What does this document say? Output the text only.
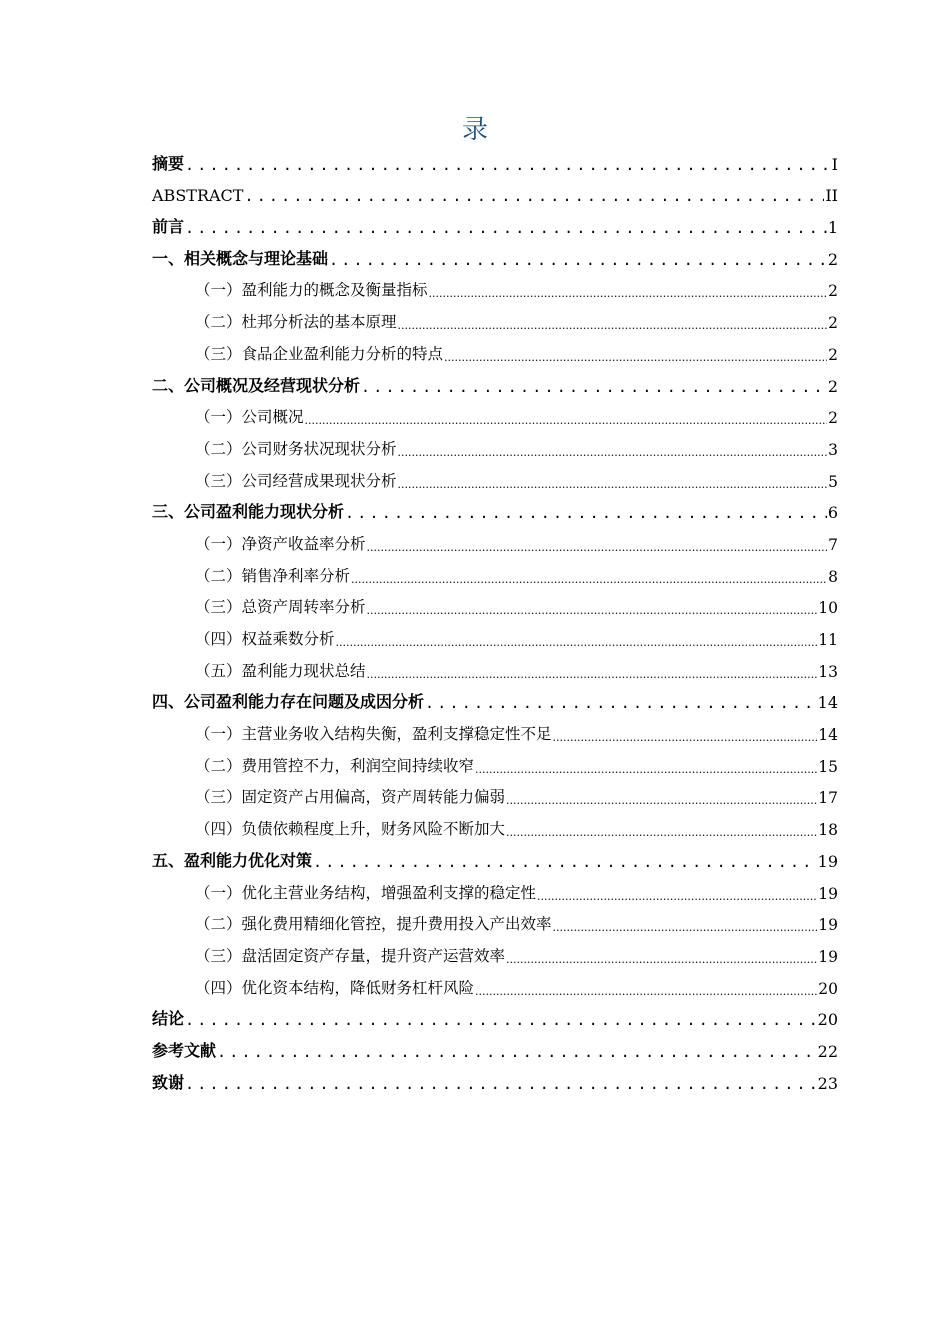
录
摘要 .....	I
ABSTRACT .....	II
前言 .....	1
一、相关概念与理论基础 .....	2
（一）盈利能力的概念及衡量指标 .....	2
（二）杜邦分析法的基本原理 .....	2
（三）食品企业盈利能力分析的特点 .....	2
二、公司概况及经营现状分析 .....	2
（一）公司概况 .....	2
（二）公司财务状况现状分析 .....	3
（三）公司经营成果现状分析 .....	5
三、公司盈利能力现状分析 .....	6
（一）净资产收益率分析 .....	7
（二）销售净利率分析 .....	8
（三）总资产周转率分析 .....	10
（四）权益乘数分析 .....	11
（五）盈利能力现状总结 .....	13
四、公司盈利能力存在问题及成因分析 .....	14
（一）主营业务收入结构失衡，盈利支撑稳定性不足 .....	14
（二）费用管控不力，利润空间持续收窄 .....	15
（三）固定资产占用偏高，资产周转能力偏弱 .....	17
（四）负债依赖程度上升，财务风险不断加大 .....	18
五、盈利能力优化对策 .....	19
（一）优化主营业务结构，增强盈利支撑的稳定性 .....	19
（二）强化费用精细化管控，提升费用投入产出效率 .....	19
（三）盘活固定资产存量，提升资产运营效率 .....	19
（四）优化资本结构，降低财务杠杆风险 .....	20
结论 .....	20
参考文献 .....	22
致谢 .....	23
